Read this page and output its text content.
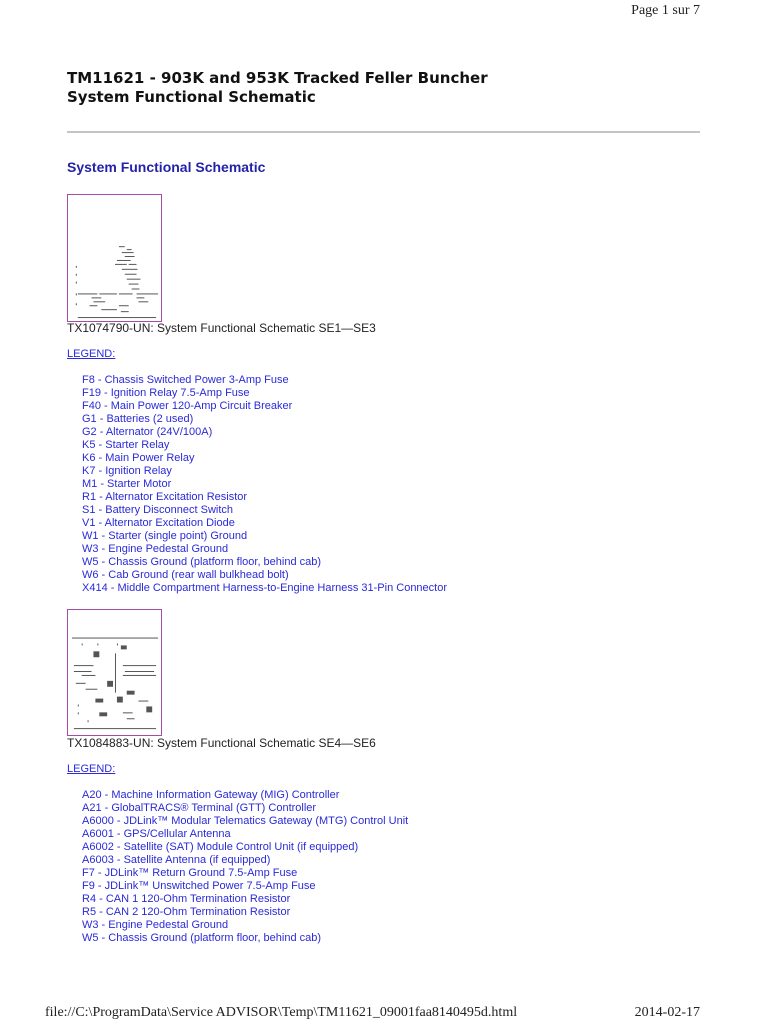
Page 1 sur 7
TM11621 - 903K and 953K Tracked Feller Buncher
System Functional Schematic
System Functional Schematic
TX1074790-UN: System Functional Schematic SE1—SE3
LEGEND:
F8 - Chassis Switched Power 3-Amp Fuse
F19 - Ignition Relay 7.5-Amp Fuse
F40 - Main Power 120-Amp Circuit Breaker
G1 - Batteries (2 used)
G2 - Alternator (24V/100A)
K5 - Starter Relay
K6 - Main Power Relay
K7 - Ignition Relay
M1 - Starter Motor
R1 - Alternator Excitation Resistor
S1 - Battery Disconnect Switch
V1 - Alternator Excitation Diode
W1 - Starter (single point) Ground
W3 - Engine Pedestal Ground
W5 - Chassis Ground (platform floor, behind cab)
W6 - Cab Ground (rear wall bulkhead bolt)
X414 - Middle Compartment Harness-to-Engine Harness 31-Pin Connector
TX1084883-UN: System Functional Schematic SE4—SE6
LEGEND:
A20 - Machine Information Gateway (MIG) Controller
A21 - GlobalTRACS® Terminal (GTT) Controller
A6000 - JDLink™ Modular Telematics Gateway (MTG) Control Unit
A6001 - GPS/Cellular Antenna
A6002 - Satellite (SAT) Module Control Unit (if equipped)
A6003 - Satellite Antenna (if equipped)
F7 - JDLink™ Return Ground 7.5-Amp Fuse
F9 - JDLink™ Unswitched Power 7.5-Amp Fuse
R4 - CAN 1 120-Ohm Termination Resistor
R5 - CAN 2 120-Ohm Termination Resistor
W3 - Engine Pedestal Ground
W5 - Chassis Ground (platform floor, behind cab)
file://C:\ProgramData\Service ADVISOR\Temp\TM11621_09001faa8140495d.html	2014-02-17
